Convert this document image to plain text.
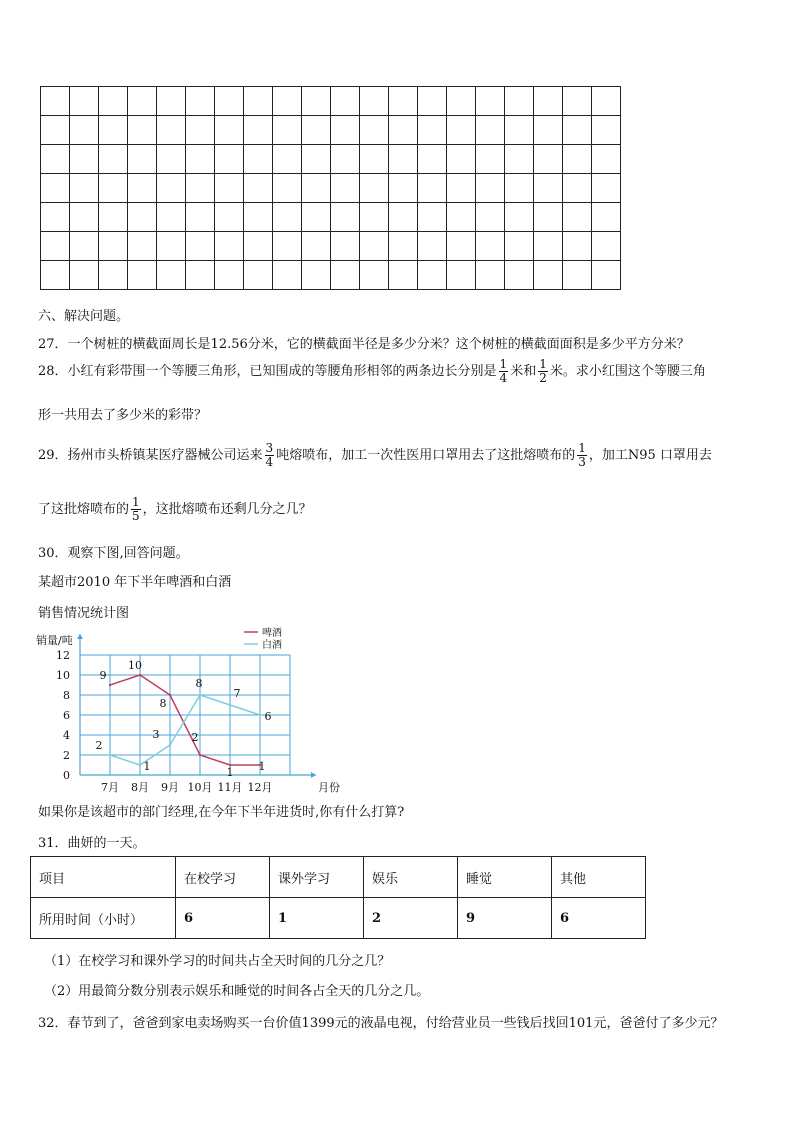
六、解决问题。
27．一个树桩的横截面周长是12.56分米，它的横截面半径是多少分米？这个树桩的横截面面积是多少平方分米？
28．小红有彩带围一个等腰三角形，已知围成的等腰角形相邻的两条边长分别是 $\frac{1}{4}$ 米和 $\frac{1}{2}$ 米。求小红围这个等腰三角
形一共用去了多少米的彩带？
29．扬州市头桥镇某医疗器械公司运来 $\frac{3}{4}$ 吨熔喷布，加工一次性医用口罩用去了这批熔喷布的 $\frac{1}{3}$ ，加工N95 口罩用去
了这批熔喷布的 $\frac{1}{5}$ ，这批熔喷布还剩几分之几？
30．观察下图,回答问题。
某超市2010 年下半年啤酒和白酒
销售情况统计图
销量/吨
月份
0
2
4
6
8
10
12
7月 8月 9月 10月 11月 12月
9
10
8
2
1 1
2
1
3
8
7
6
啤酒
白酒
如果你是该超市的部门经理,在今年下半年进货时,你有什么打算?
31．曲妍的一天。
项目	在校学习	课外学习	娱乐	睡觉	其他
所用时间（小时）	6	1	2	9	6
（1）在校学习和课外学习的时间共占全天时间的几分之几？
（2）用最简分数分别表示娱乐和睡觉的时间各占全天的几分之几。
32．春节到了，爸爸到家电卖场购买一台价值1399元的液晶电视，付给营业员一些钱后找回101元，爸爸付了多少元？
